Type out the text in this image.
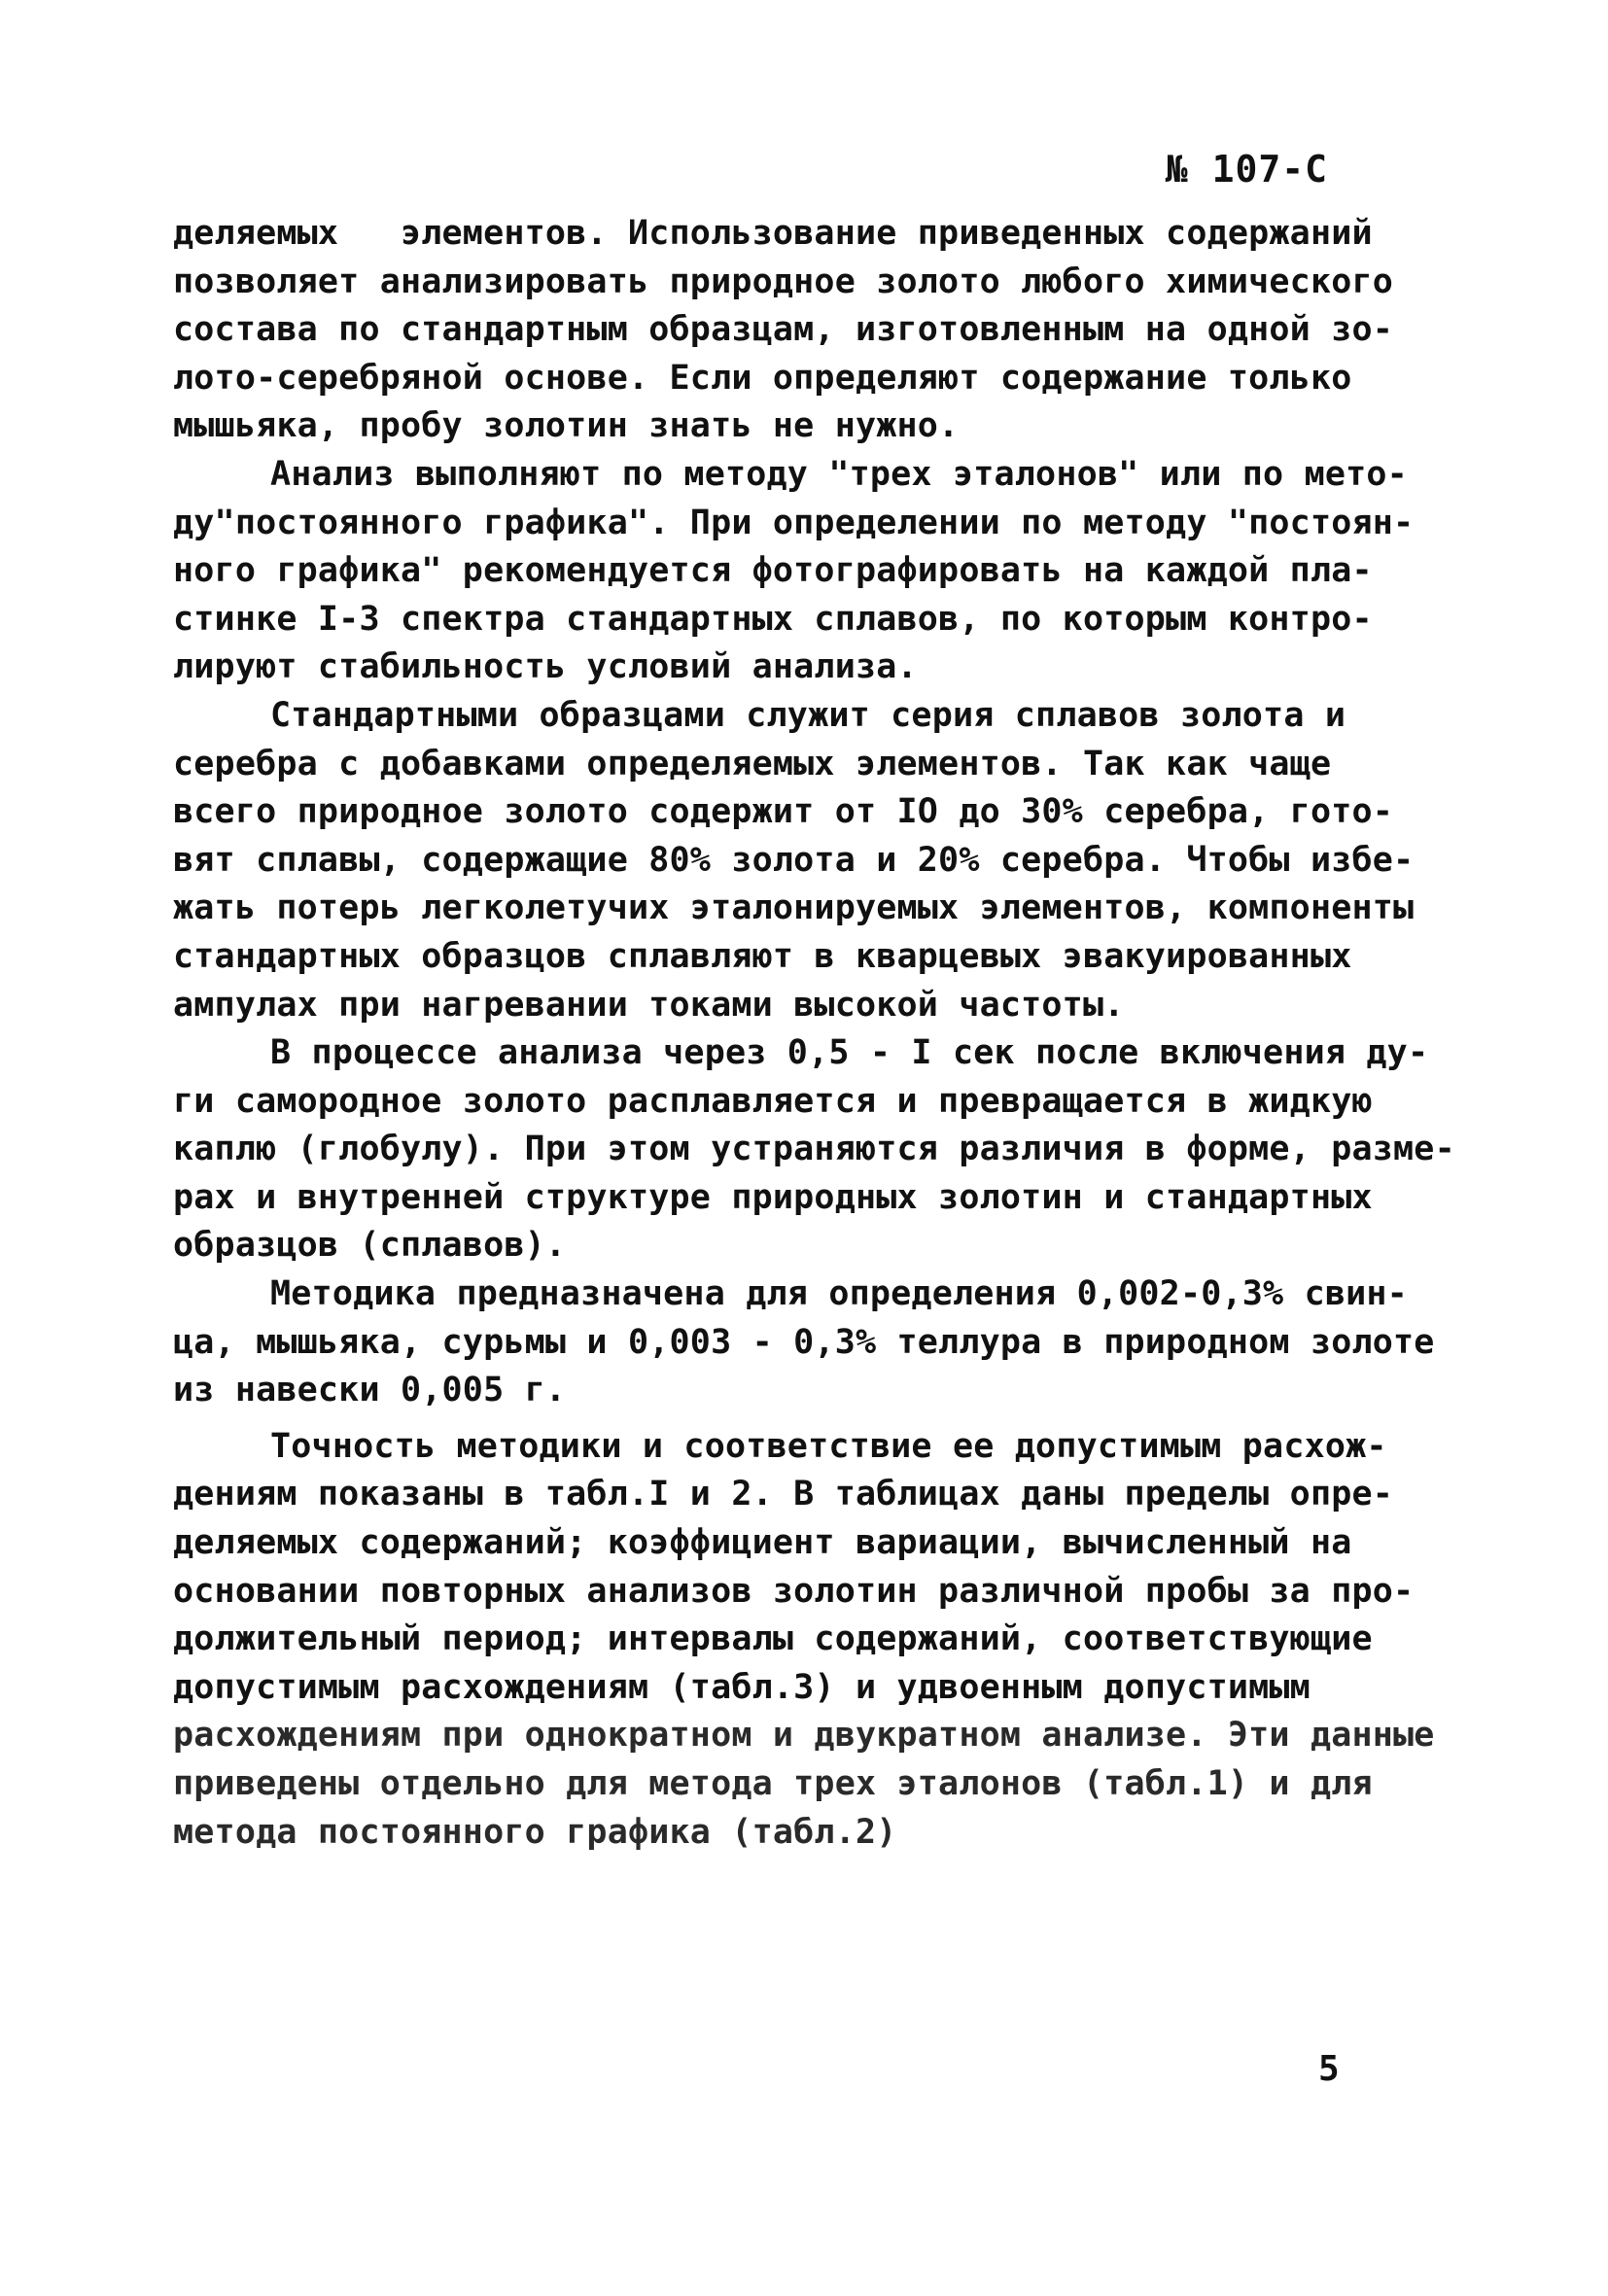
№ 107-С
деляемых   элементов. Использование приведенных содержаний
позволяет анализировать природное золото любого химического
состава по стандартным образцам, изготовленным на одной зо-
лото-серебряной основе. Если определяют содержание только
мышьяка, пробу золотин знать не нужно.
Анализ выполняют по методу "трех эталонов" или по мето-
ду"постоянного графика". При определении по методу "постоян-
ного графика" рекомендуется фотографировать на каждой пла-
стинке I-3 спектра стандартных сплавов, по которым контро-
лируют стабильность условий анализа.
Стандартными образцами служит серия сплавов золота и
серебра с добавками определяемых элементов. Так как чаще
всего природное золото содержит от IO до 30% серебра, гото-
вят сплавы, содержащие 80% золота и 20% серебра. Чтобы избе-
жать потерь легколетучих эталонируемых элементов, компоненты
стандартных образцов сплавляют в кварцевых эвакуированных
ампулах при нагревании токами высокой частоты.
В процессе анализа через 0,5 - I сек после включения ду-
ги самородное золото расплавляется и превращается в жидкую
каплю (глобулу). При этом устраняются различия в форме, разме-
рах и внутренней структуре природных золотин и стандартных
образцов (сплавов).
Методика предназначена для определения 0,002-0,3% свин-
ца, мышьяка, сурьмы и 0,003 - 0,3% теллура в природном золоте
из навески 0,005 г.
Точность методики и соответствие ее допустимым расхож-
дениям показаны в табл.I и 2. В таблицах даны пределы опре-
деляемых содержаний; коэффициент вариации, вычисленный на
основании повторных анализов золотин различной пробы за про-
должительный период; интервалы содержаний, соответствующие
допустимым расхождениям (табл.3) и удвоенным допустимым
расхождениям при однократном и двукратном анализе. Эти данные
приведены отдельно для метода трех эталонов (табл.1) и для
метода постоянного графика (табл.2)
5
